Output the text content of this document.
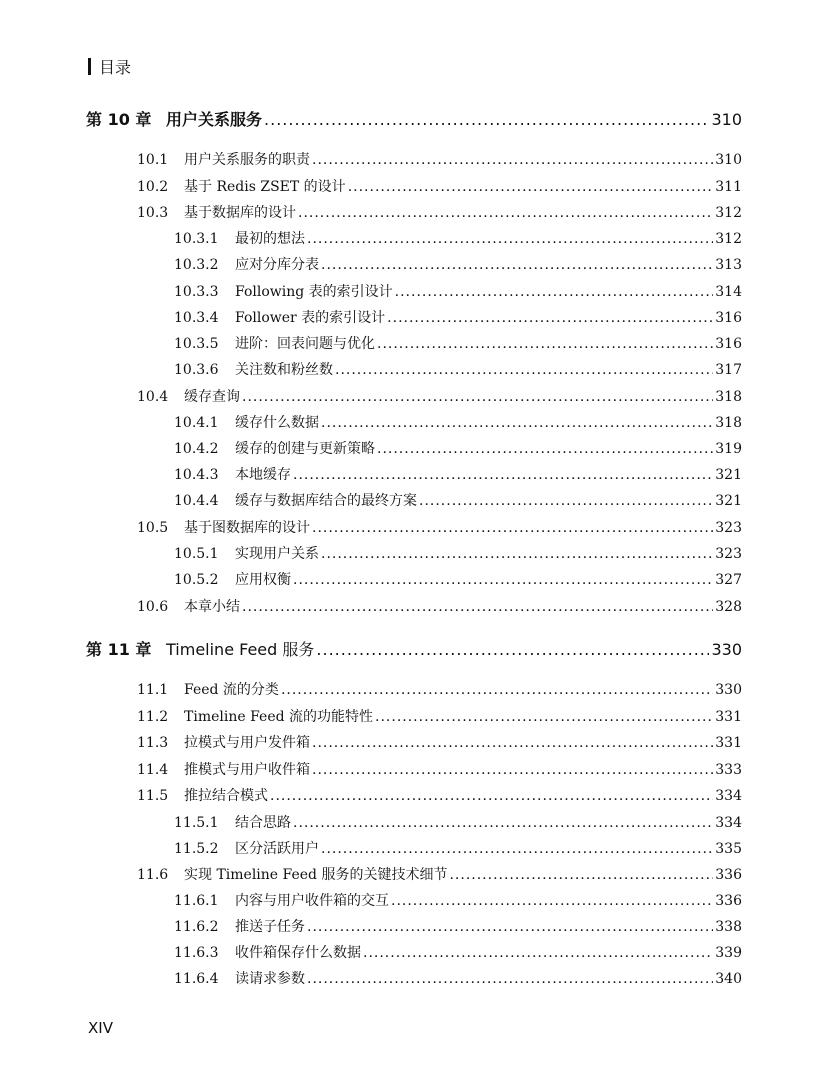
目录
第 10 章 用户关系服务 .....	310
10.1	用户关系服务的职责 .....	310
10.2	基于 Redis ZSET 的设计 .....	311
10.3	基于数据库的设计 .....	312
10.3.1	最初的想法 .....	312
10.3.2	应对分库分表 .....	313
10.3.3	Following 表的索引设计 .....	314
10.3.4	Follower 表的索引设计 .....	316
10.3.5	进阶：回表问题与优化 .....	316
10.3.6	关注数和粉丝数 .....	317
10.4	缓存查询 .....	318
10.4.1	缓存什么数据 .....	318
10.4.2	缓存的创建与更新策略 .....	319
10.4.3	本地缓存 .....	321
10.4.4	缓存与数据库结合的最终方案 .....	321
10.5	基于图数据库的设计 .....	323
10.5.1	实现用户关系 .....	323
10.5.2	应用权衡 .....	327
10.6	本章小结 .....	328
第 11 章 Timeline Feed 服务 .....	330
11.1	Feed 流的分类 .....	330
11.2	Timeline Feed 流的功能特性 .....	331
11.3	拉模式与用户发件箱 .....	331
11.4	推模式与用户收件箱 .....	333
11.5	推拉结合模式 .....	334
11.5.1	结合思路 .....	334
11.5.2	区分活跃用户 .....	335
11.6	实现 Timeline Feed 服务的关键技术细节 .....	336
11.6.1	内容与用户收件箱的交互 .....	336
11.6.2	推送子任务 .....	338
11.6.3	收件箱保存什么数据 .....	339
11.6.4	读请求参数 .....	340
XIV
